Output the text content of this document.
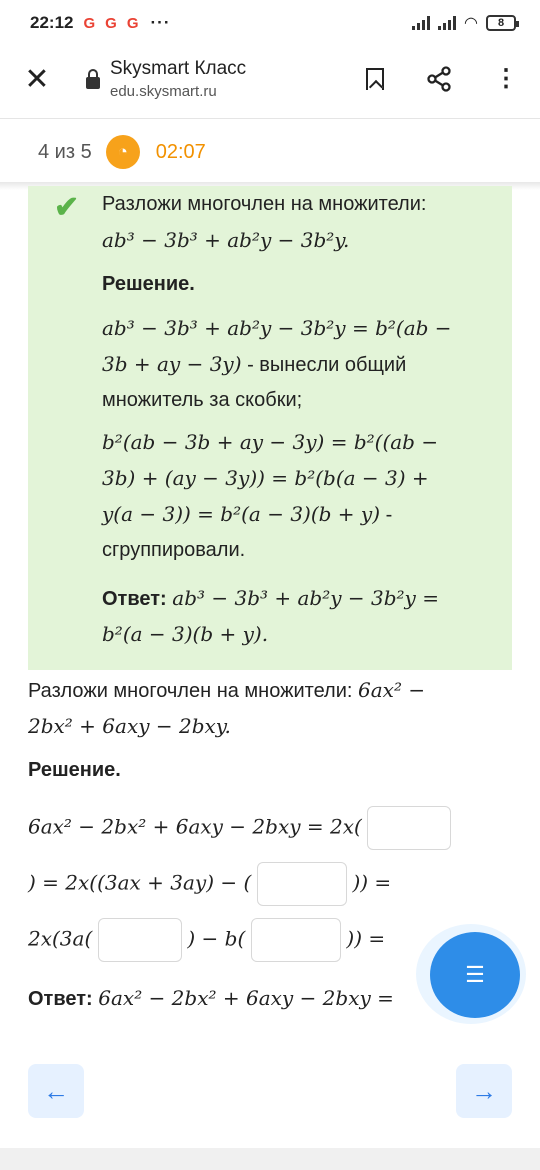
22:12 G G G ···	◠ 8
✕	Skysmart Класс
edu.skysmart.ru	⋮
4 из 5	◔	02:07
✔ Разложи многочлен на множители:
ab³ − 3b³ + ab²y − 3b²y.
Решение.
ab³ − 3b³ + ab²y − 3b²y = b²(ab −
3b + ay − 3y) - вынесли общий
множитель за скобки;
b²(ab − 3b + ay − 3y) = b²((ab −
3b) + (ay − 3y)) = b²(b(a − 3) +
y(a − 3)) = b²(a − 3)(b + y) -
сгруппировали.
Ответ: ab³ − 3b³ + ab²y − 3b²y =
b²(a − 3)(b + y).
Разложи многочлен на множители: 6ax² −
2bx² + 6axy − 2bxy.
Решение.
6ax² − 2bx² + 6axy − 2bxy = 2x(
) = 2x((3ax + 3ay) − (	)) =
2x(3a(	) − b(	)) =
Ответ: 6ax² − 2bx² + 6axy − 2bxy =
☰
←	→
